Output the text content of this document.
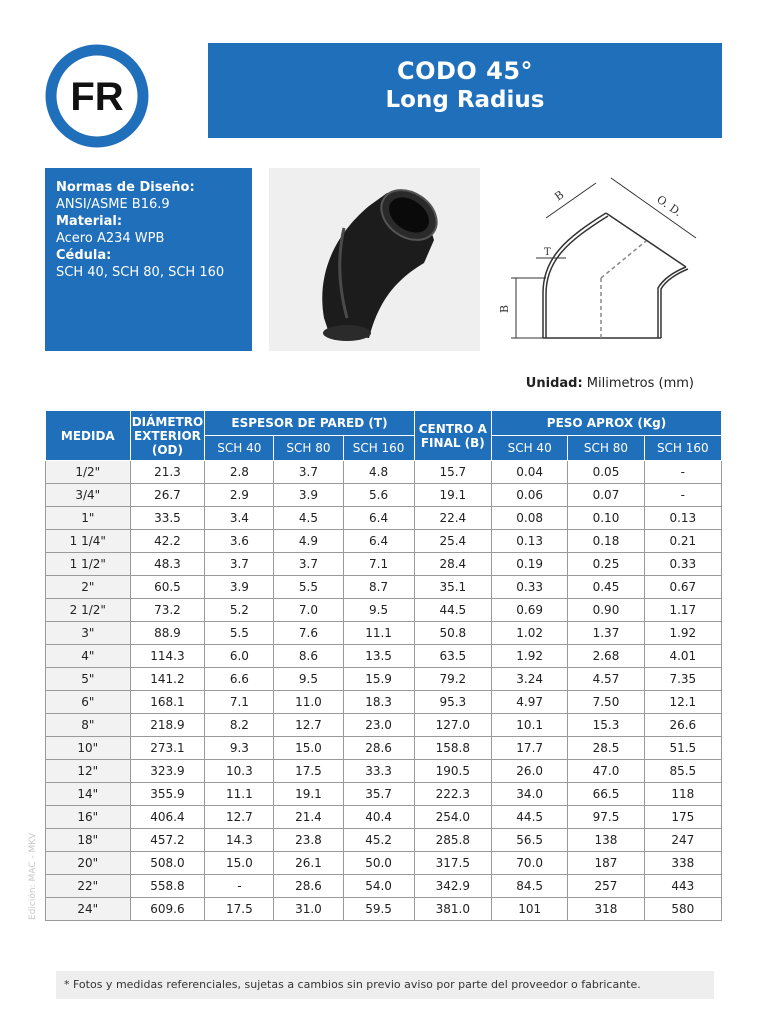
FR
CODO 45°
Long Radius
Normas de Diseño:
ANSI/ASME B16.9
Material:
Acero A234 WPB
Cédula:
SCH 40, SCH 80, SCH 160
B	O. D.
T
B
Unidad: Milimetros (mm)
MEDIDA	DIÁMETRO EXTERIOR (OD)	ESPESOR DE PARED (T)			CENTRO A FINAL (B)	PESO APROX (Kg)		
		SCH 40	SCH 80	SCH 160		SCH 40	SCH 80	SCH 160
1/2"	21.3	2.8	3.7	4.8	15.7	0.04	0.05	-
3/4"	26.7	2.9	3.9	5.6	19.1	0.06	0.07	-
1"	33.5	3.4	4.5	6.4	22.4	0.08	0.10	0.13
1 1/4"	42.2	3.6	4.9	6.4	25.4	0.13	0.18	0.21
1 1/2"	48.3	3.7	3.7	7.1	28.4	0.19	0.25	0.33
2"	60.5	3.9	5.5	8.7	35.1	0.33	0.45	0.67
2 1/2"	73.2	5.2	7.0	9.5	44.5	0.69	0.90	1.17
3"	88.9	5.5	7.6	11.1	50.8	1.02	1.37	1.92
4"	114.3	6.0	8.6	13.5	63.5	1.92	2.68	4.01
5"	141.2	6.6	9.5	15.9	79.2	3.24	4.57	7.35
6"	168.1	7.1	11.0	18.3	95.3	4.97	7.50	12.1
8"	218.9	8.2	12.7	23.0	127.0	10.1	15.3	26.6
10"	273.1	9.3	15.0	28.6	158.8	17.7	28.5	51.5
12"	323.9	10.3	17.5	33.3	190.5	26.0	47.0	85.5
14"	355.9	11.1	19.1	35.7	222.3	34.0	66.5	118
16"	406.4	12.7	21.4	40.4	254.0	44.5	97.5	175
18"	457.2	14.3	23.8	45.2	285.8	56.5	138	247
20"	508.0	15.0	26.1	50.0	317.5	70.0	187	338
22"	558.8	-	28.6	54.0	342.9	84.5	257	443
24"	609.6	17.5	31.0	59.5	381.0	101	318	580
* Fotos y medidas referenciales, sujetas a cambios sin previo aviso por parte del proveedor o fabricante.
Edición: MAC - MKV
